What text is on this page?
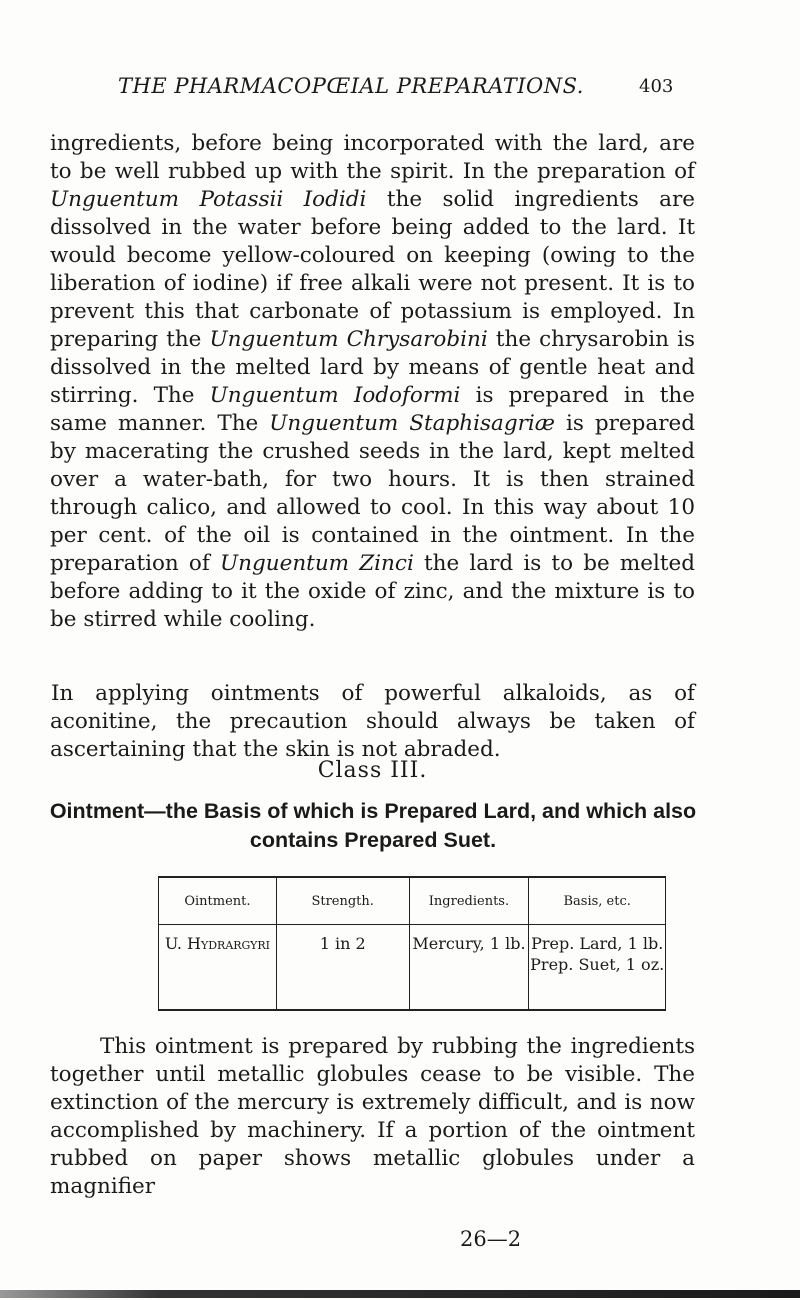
THE PHARMACOPŒIAL PREPARATIONS.	403
ingredients, before being incorporated with the lard, are to be well rubbed up with the spirit. In the preparation of Unguentum Potassii Iodidi the solid ingredients are dissolved in the water before being added to the lard. It would become yellow-coloured on keeping (owing to the liberation of iodine) if free alkali were not present. It is to prevent this that carbonate of potassium is employed. In preparing the Unguentum Chrysarobini the chrysarobin is dissolved in the melted lard by means of gentle heat and stirring. The Unguentum Iodoformi is prepared in the same manner. The Unguentum Staphisagriæ is prepared by macerating the crushed seeds in the lard, kept melted over a water-bath, for two hours. It is then strained through calico, and allowed to cool. In this way about 10 per cent. of the oil is contained in the ointment. In the preparation of Unguentum Zinci the lard is to be melted before adding to it the oxide of zinc, and the mixture is to be stirred while cooling.
In applying ointments of powerful alkaloids, as of aconitine, the precaution should always be taken of ascertaining that the skin is not abraded.
Class III.
Ointment—the Basis of which is Prepared Lard, and which also contains Prepared Suet.
Ointment.	Strength.	Ingredients.	Basis, etc.
U. Hydrargyri	1 in 2	Mercury, 1 lb.	Prep. Lard, 1 lb.
Prep. Suet, 1 oz.
This ointment is prepared by rubbing the ingredients together until metallic globules cease to be visible. The extinction of the mercury is extremely difficult, and is now accomplished by machinery. If a portion of the ointment rubbed on paper shows metallic globules under a magnifier
26—2
